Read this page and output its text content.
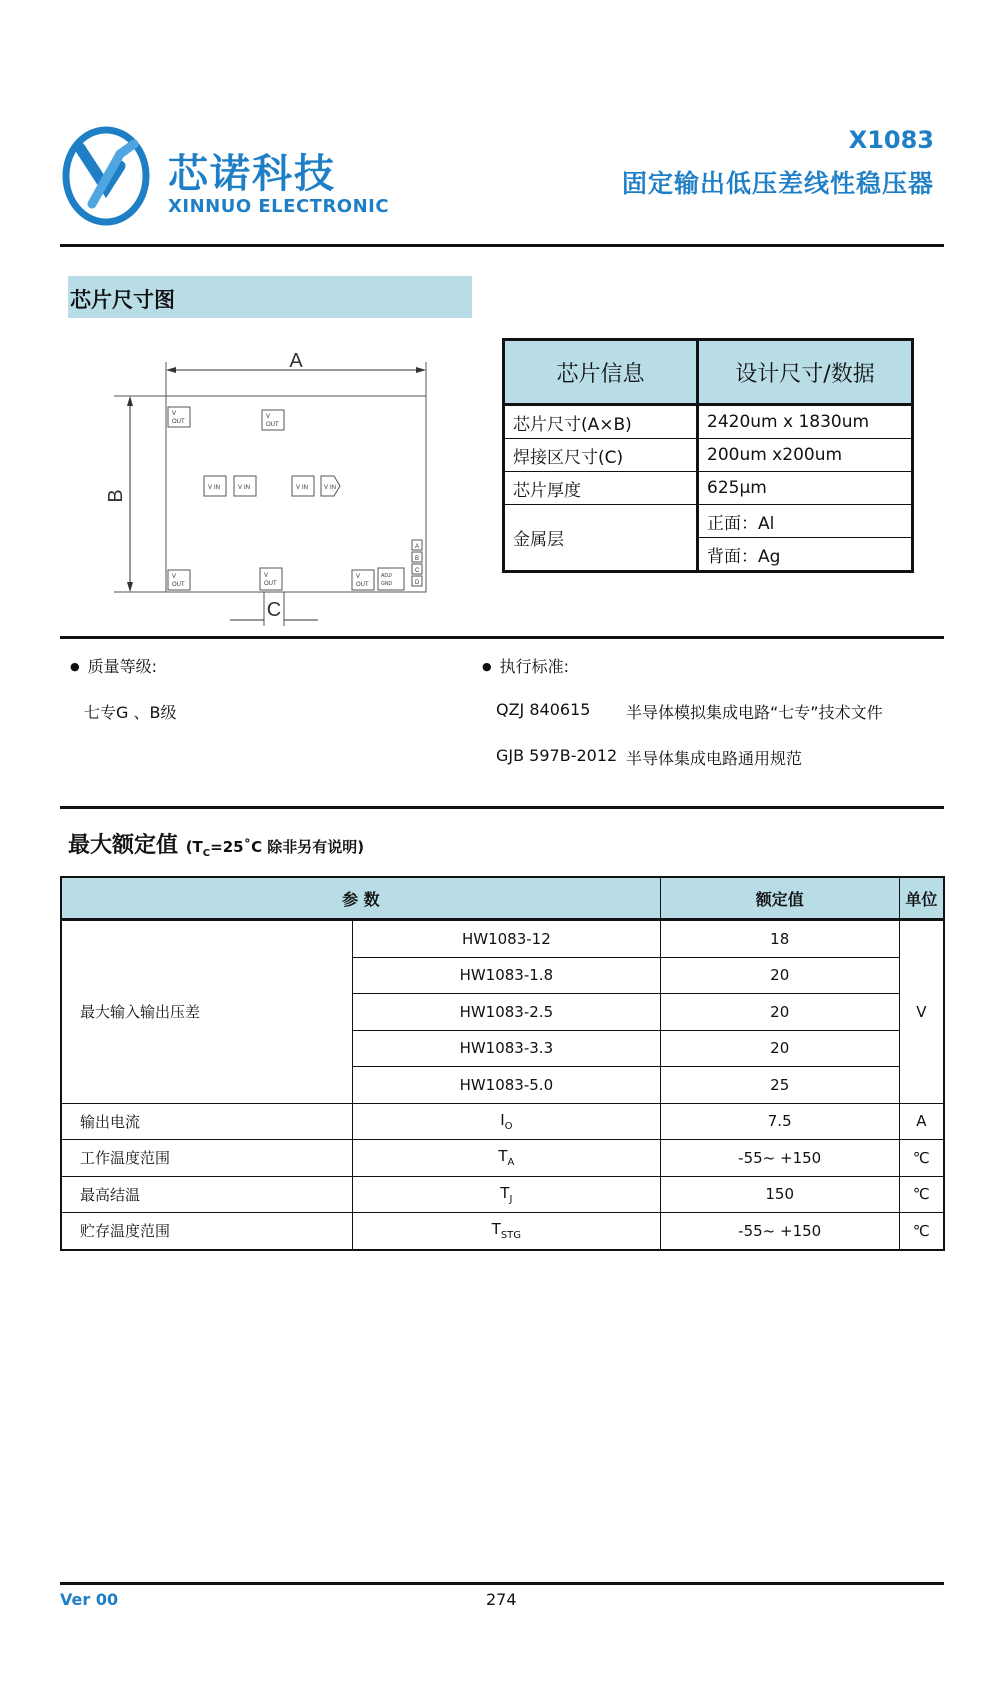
芯诺科技
XINNUO ELECTRONIC
X1083
固定输出低压差线性稳压器
芯片尺寸图
A
B
C
V
OUT
V
OUT
V IN	V IN	V IN	V IN
V
OUT
V
OUT
V
OUT
ADJ/
GND
A
B
C
D
芯片信息	设计尺寸/数据
芯片尺寸(A×B)	2420um x 1830um
焊接区尺寸(C)	200um x200um
芯片厚度	625μm
金属层	正面：Al
	背面：Ag
● 质量等级:
七专G 、B级
● 执行标准:
QZJ 840615 半导体模拟集成电路“七专”技术文件
GJB 597B-2012 半导体集成电路通用规范
最大额定值 ($T_C=25˚C$ 除非另有说明)
参 数		额定值	单位
最大输入输出压差	HW1083-12	18	V
	HW1083-1.8	20	
	HW1083-2.5	20	
	HW1083-3.3	20	
	HW1083-5.0	25	
输出电流	$I_O$	7.5	A
工作温度范围	$T_A$	-55~ +150	℃
最高结温	$T_J$	150	℃
贮存温度范围	$T_{STG}$	-55~ +150	℃
Ver 00	274
